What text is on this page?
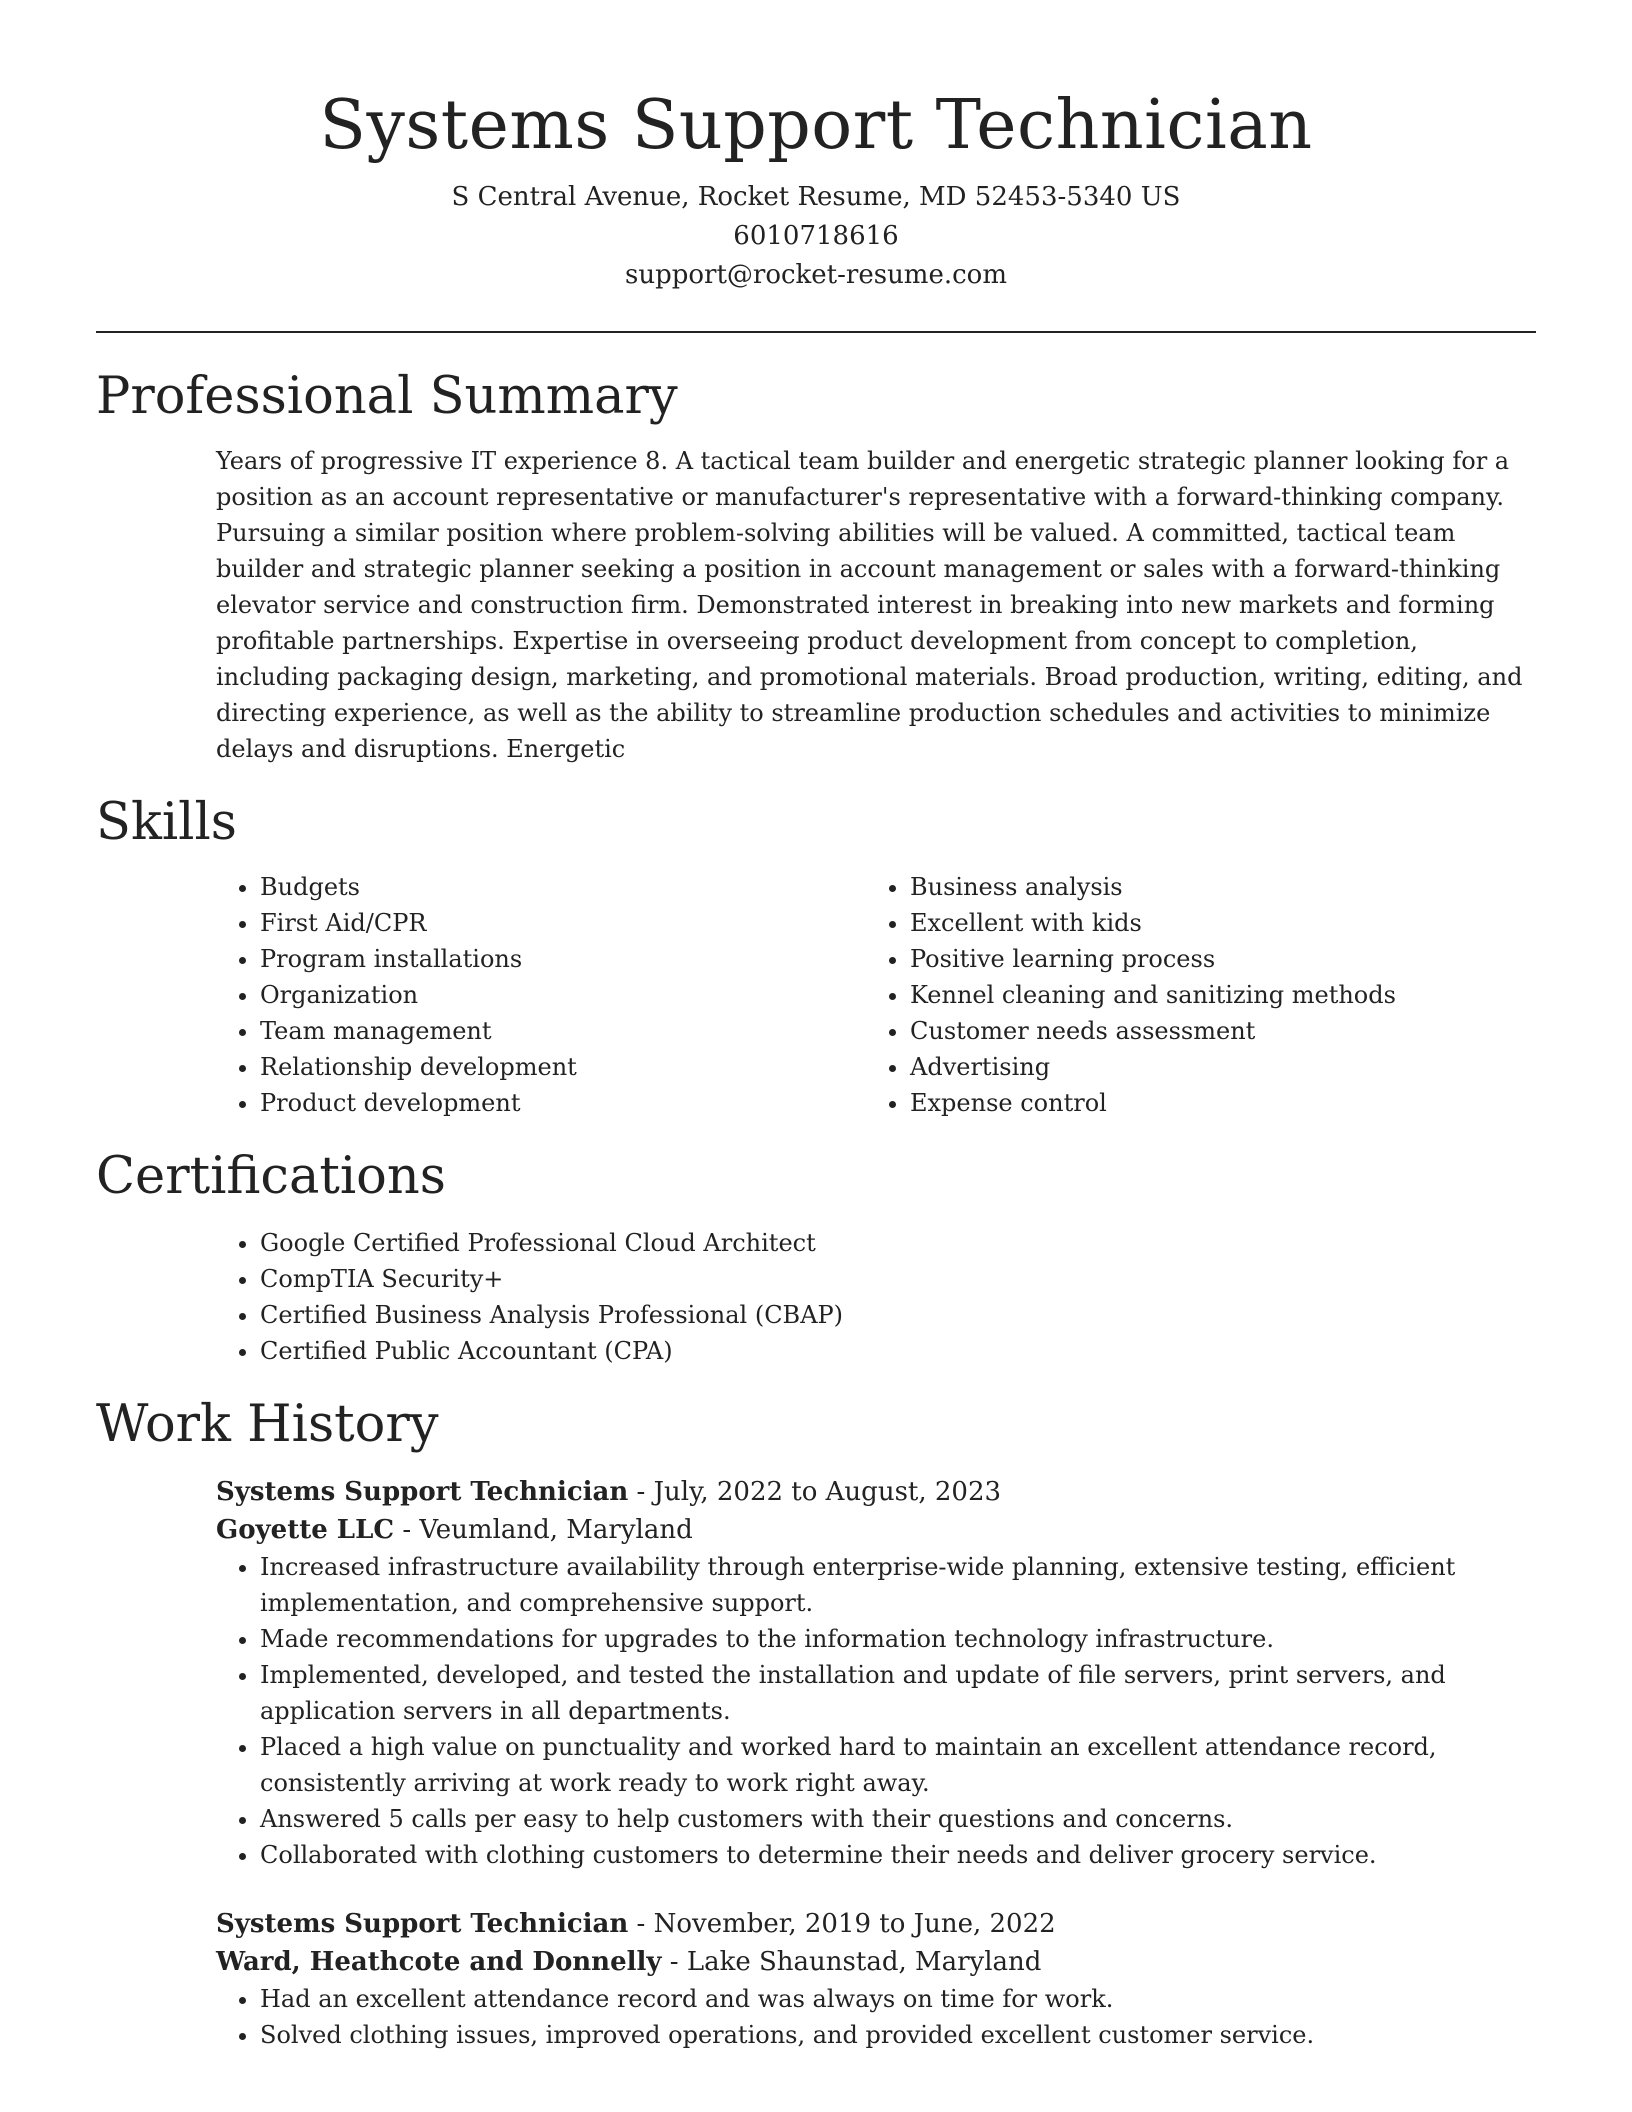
Systems Support Technician

S Central Avenue, Rocket Resume, MD 52453-5340 US

6010718616

support@rocket-resume.com

Professional Summary

Years of progressive IT experience 8. A tactical team builder and energetic strategic planner looking for a position as an account representative or manufacturer's representative with a forward-thinking company. Pursuing a similar position where problem-solving abilities will be valued. A committed, tactical team builder and strategic planner seeking a position in account management or sales with a forward-thinking elevator service and construction firm. Demonstrated interest in breaking into new markets and forming profitable partnerships. Expertise in overseeing product development from concept to completion, including packaging design, marketing, and promotional materials. Broad production, writing, editing, and directing experience, as well as the ability to streamline production schedules and activities to minimize delays and disruptions. Energetic

Skills
• Budgets
• First Aid/CPR
• Program installations
• Organization
• Team management
• Relationship development
• Product development
• Business analysis
• Excellent with kids
• Positive learning process
• Kennel cleaning and sanitizing methods
• Customer needs assessment
• Advertising
• Expense control
Certifications
• Google Certified Professional Cloud Architect
• CompTIA Security+
• Certified Business Analysis Professional (CBAP)
• Certified Public Accountant (CPA)
Work History
Systems Support Technician - July, 2022 to August, 2023
Goyette LLC - Veumland, Maryland
• Increased infrastructure availability through enterprise-wide planning, extensive testing, efficient implementation, and comprehensive support.
• Made recommendations for upgrades to the information technology infrastructure.
• Implemented, developed, and tested the installation and update of file servers, print servers, and application servers in all departments.
• Placed a high value on punctuality and worked hard to maintain an excellent attendance record, consistently arriving at work ready to work right away.
• Answered 5 calls per easy to help customers with their questions and concerns.
• Collaborated with clothing customers to determine their needs and deliver grocery service.
Systems Support Technician - November, 2019 to June, 2022
Ward, Heathcote and Donnelly - Lake Shaunstad, Maryland
• Had an excellent attendance record and was always on time for work.
• Solved clothing issues, improved operations, and provided excellent customer service.
